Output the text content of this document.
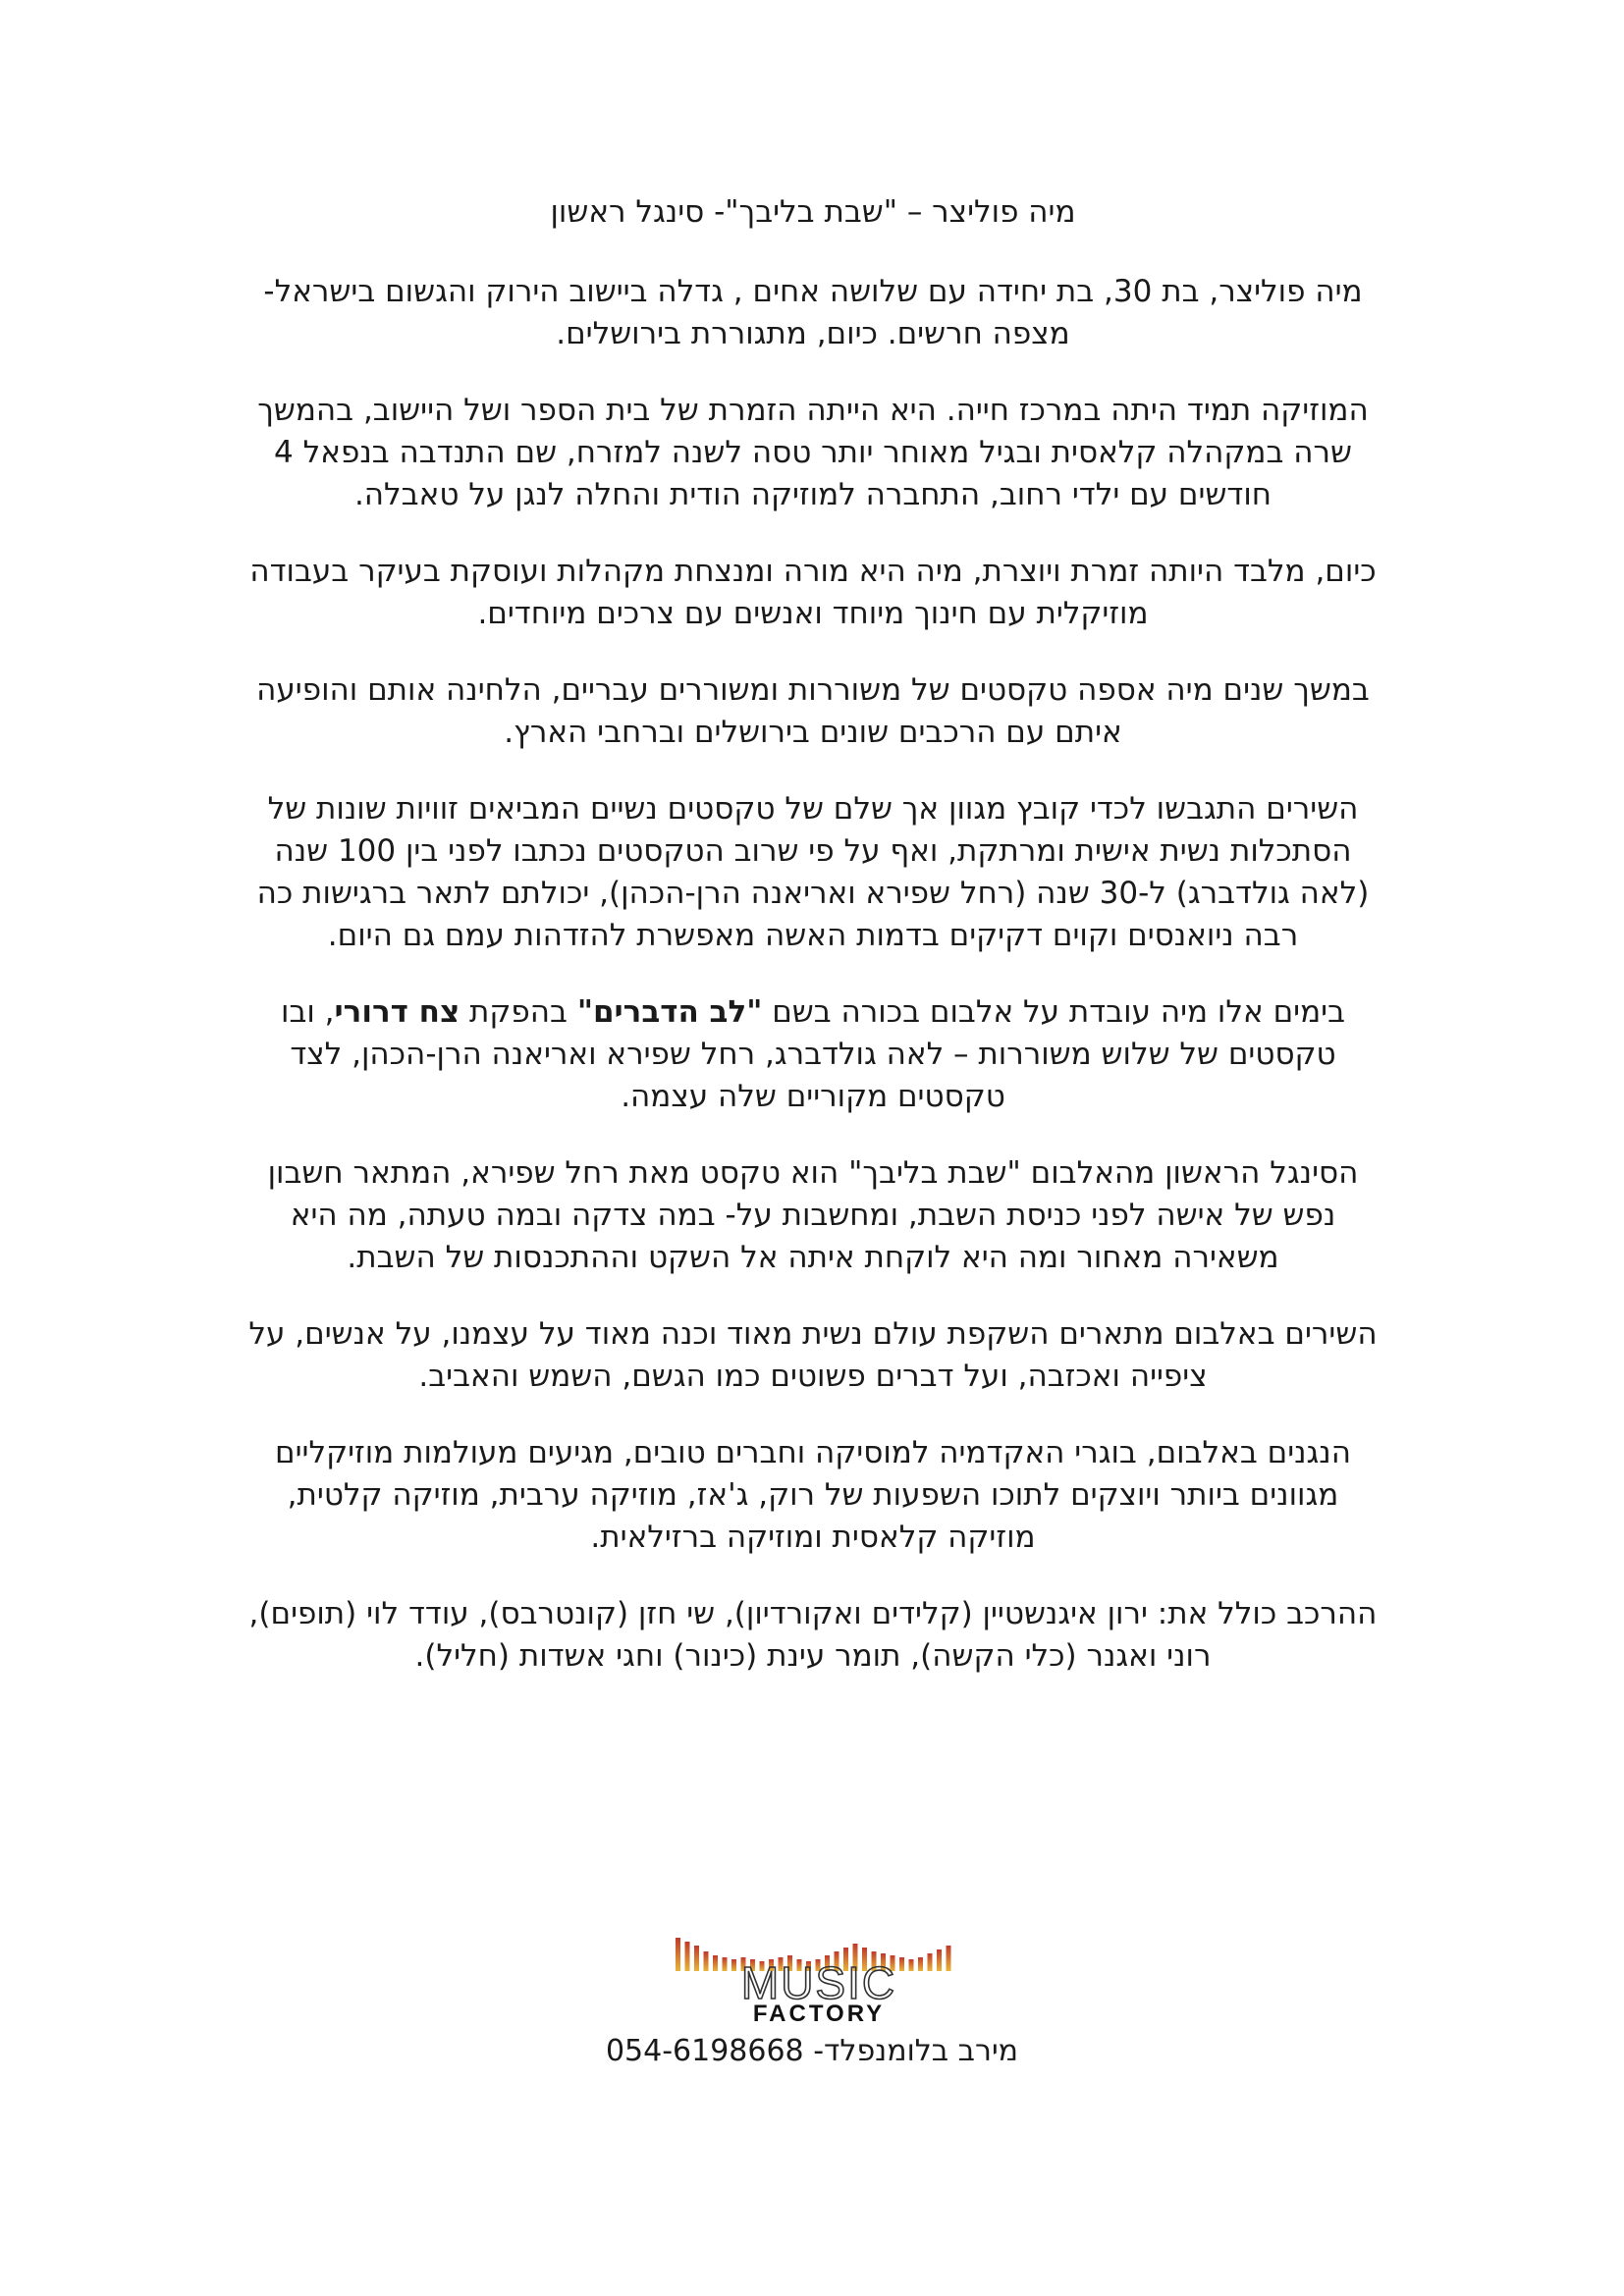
מיה פוליצר – "שבת בליבך"- סינגל ראשון

מיה פוליצר, בת 30, בת יחידה עם שלושה אחים , גדלה ביישוב הירוק והגשום בישראל- מצפה חרשים. כיום, מתגוררת בירושלים.

המוזיקה תמיד היתה במרכז חייה. היא הייתה הזמרת של בית הספר ושל היישוב, בהמשך שרה במקהלה קלאסית ובגיל מאוחר יותר טסה לשנה למזרח, שם התנדבה בנפאל 4 חודשים עם ילדי רחוב, התחברה למוזיקה הודית והחלה לנגן על טאבלה.

כיום, מלבד היותה זמרת ויוצרת, מיה היא מורה ומנצחת מקהלות ועוסקת בעיקר בעבודה מוזיקלית עם חינוך מיוחד ואנשים עם צרכים מיוחדים.

במשך שנים מיה אספה טקסטים של משוררות ומשוררים עבריים, הלחינה אותם והופיעה איתם עם הרכבים שונים בירושלים וברחבי הארץ.

השירים התגבשו לכדי קובץ מגוון אך שלם של טקסטים נשיים המביאים זוויות שונות של הסתכלות נשית אישית ומרתקת, ואף על פי שרוב הטקסטים נכתבו לפני בין 100 שנה (לאה גולדברג) ל-30 שנה (רחל שפירא ואריאנה הרן-הכהן), יכולתם לתאר ברגישות כה רבה ניואנסים וקוים דקיקים בדמות האשה מאפשרת להזדהות עמם גם היום.

בימים אלו מיה עובדת על אלבום בכורה בשם "לב הדברים" בהפקת צח דרורי, ובו טקסטים של שלוש משוררות – לאה גולדברג, רחל שפירא ואריאנה הרן-הכהן, לצד טקסטים מקוריים שלה עצמה.

הסינגל הראשון מהאלבום "שבת בליבך" הוא טקסט מאת רחל שפירא, המתאר חשבון נפש של אישה לפני כניסת השבת, ומחשבות על- במה צדקה ובמה טעתה, מה היא משאירה מאחור ומה היא לוקחת איתה אל השקט וההתכנסות של השבת.

השירים באלבום מתארים השקפת עולם נשית מאוד וכנה מאוד על עצמנו, על אנשים, על ציפייה ואכזבה, ועל דברים פשוטים כמו הגשם, השמש והאביב.

הנגנים באלבום, בוגרי האקדמיה למוסיקה וחברים טובים, מגיעים מעולמות מוזיקליים מגוונים ביותר ויוצקים לתוכו השפעות של רוק, ג'אז, מוזיקה ערבית, מוזיקה קלטית, מוזיקה קלאסית ומוזיקה ברזילאית.

ההרכב כולל את: ירון איגנשטיין (קלידים ואקורדיון), שי חזן (קונטרבס), עודד לוי (תופים), רוני ואגנר (כלי הקשה), תומר עינת (כינור) וחגי אשדות (חליל).

MUSIC
FACTORY
מירב בלומנפלד- 054-6198668
